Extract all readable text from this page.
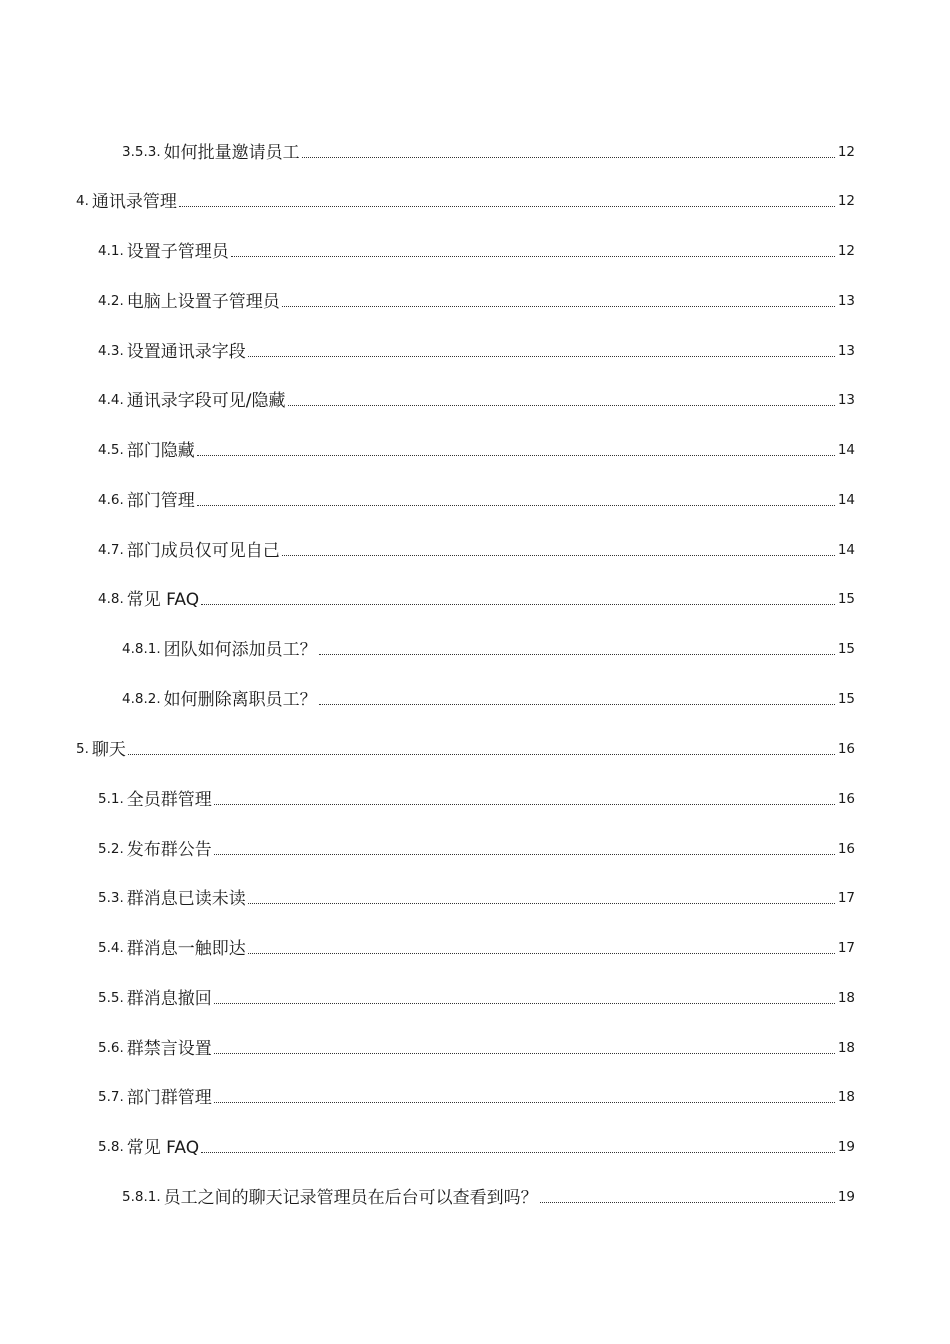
3.5.3. 如何批量邀请员工	12
4. 通讯录管理	12
4.1. 设置子管理员	12
4.2. 电脑上设置子管理员	13
4.3. 设置通讯录字段	13
4.4. 通讯录字段可见/隐藏	13
4.5. 部门隐藏	14
4.6. 部门管理	14
4.7. 部门成员仅可见自己	14
4.8. 常见 FAQ	15
4.8.1. 团队如何添加员工？	15
4.8.2. 如何删除离职员工？	15
5. 聊天	16
5.1. 全员群管理	16
5.2. 发布群公告	16
5.3. 群消息已读未读	17
5.4. 群消息一触即达	17
5.5. 群消息撤回	18
5.6. 群禁言设置	18
5.7. 部门群管理	18
5.8. 常见 FAQ	19
5.8.1. 员工之间的聊天记录管理员在后台可以查看到吗？	19
